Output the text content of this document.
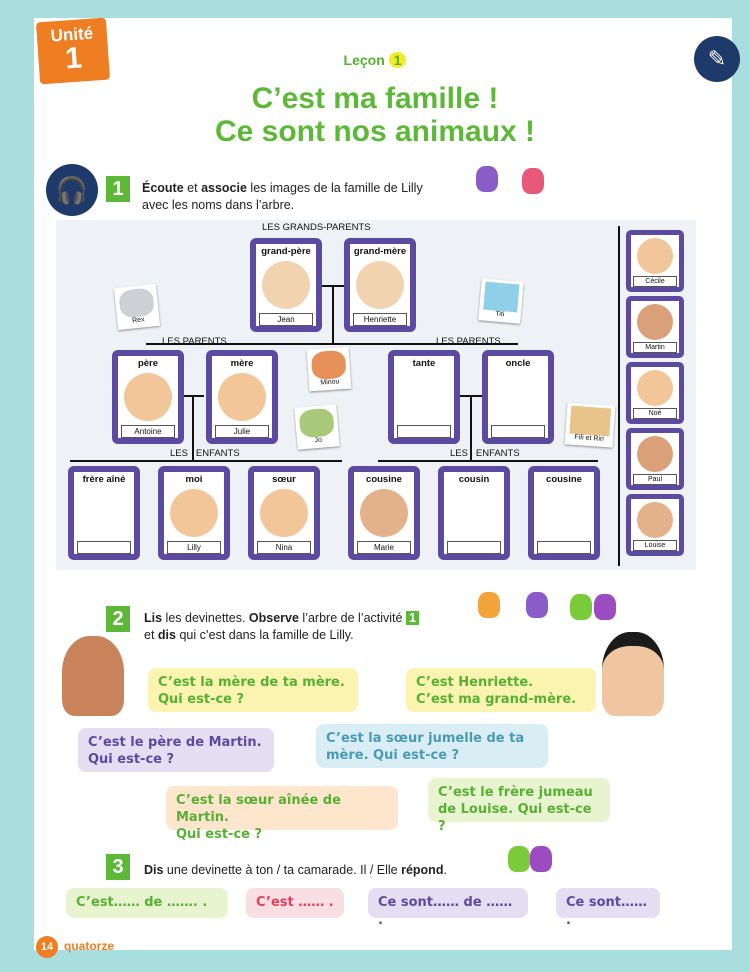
Unité
1	✎
Leçon 1
C’est ma famille !
Ce sont nos animaux !
🎧	1	Écoute et associe les images de la famille de Lilly
avec les noms dans l’arbre.
LES GRANDS-PARENTS
grand-père
Jean
grand-mère
Henriette
LES PARENTS	LES PARENTS
père
Antoine
mère
Julie
tante	oncle
LES   ENFANTS	LES   ENFANTS
frère aîné	moi
Lilly
sœur
Nina
cousine
Marie
cousin	cousine
Rex
Minou
Titi
Jo	Fifi et Riri
Cécile
Martin
Noé
Paul
Louise
2	Lis les devinettes. Observe l’arbre de l’activité 1
et dis qui c’est dans la famille de Lilly.
C’est la mère de ta mère.
Qui est-ce ?
C’est Henriette.
C’est ma grand-mère.
C’est le père de Martin.
Qui est-ce ?
C’est la sœur jumelle de ta
mère. Qui est-ce ?
C’est le frère jumeau
de Louise. Qui est-ce ?
C’est la sœur aînée de Martin.
Qui est-ce ?
3	Dis une devinette à ton / ta camarade. Il / Elle répond.
C’est…… de ……. .	C’est …… .	Ce sont…… de …… .
Ce sont…… .
14 quatorze
